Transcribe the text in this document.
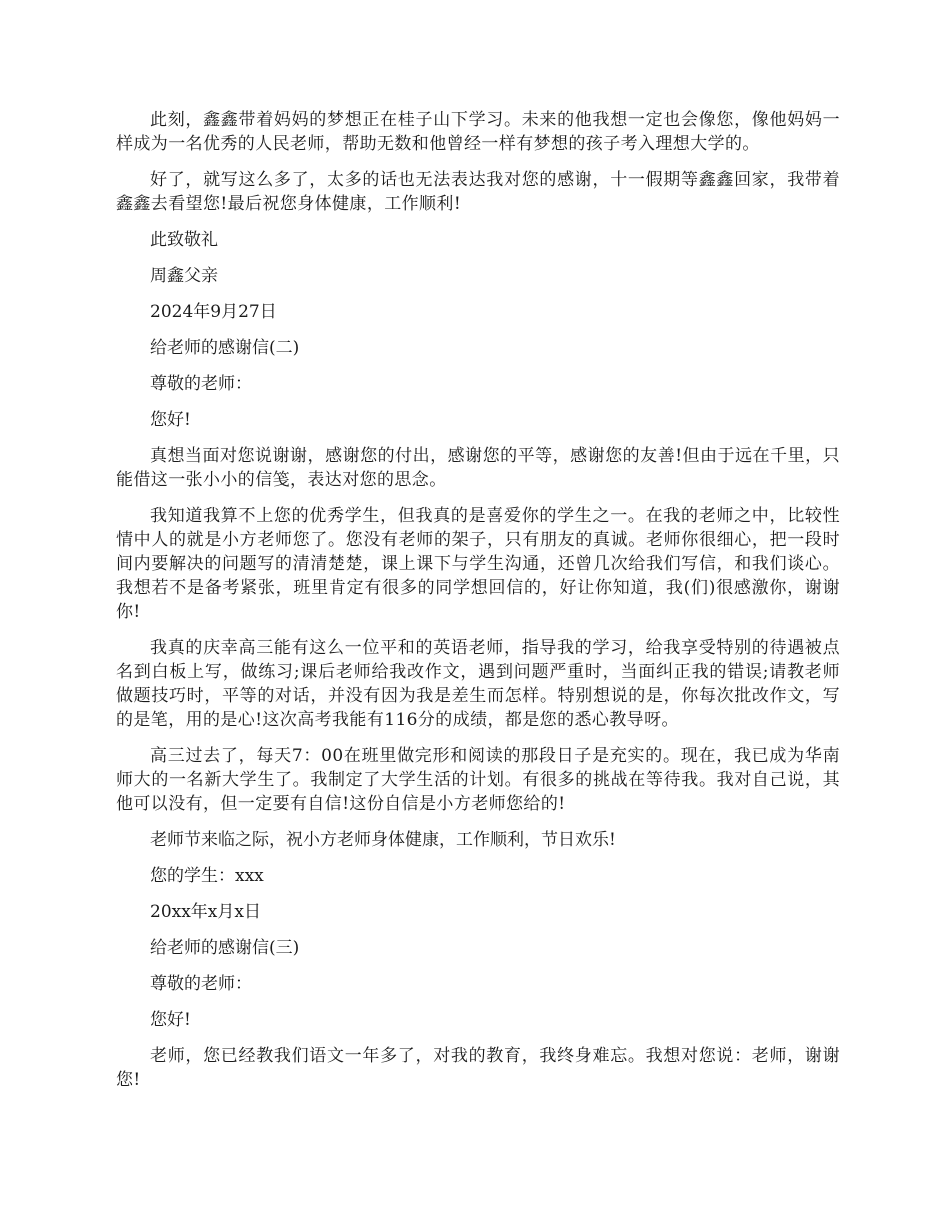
此刻，鑫鑫带着妈妈的梦想正在桂子山下学习。未来的他我想一定也会像您，像他妈妈一样成为一名优秀的人民老师，帮助无数和他曾经一样有梦想的孩子考入理想大学的。

好了，就写这么多了，太多的话也无法表达我对您的感谢，十一假期等鑫鑫回家，我带着鑫鑫去看望您!最后祝您身体健康，工作顺利!

此致敬礼

周鑫父亲

2024年9月27日

给老师的感谢信(二)

尊敬的老师：

您好!

真想当面对您说谢谢，感谢您的付出，感谢您的平等，感谢您的友善!但由于远在千里，只能借这一张小小的信笺，表达对您的思念。

我知道我算不上您的优秀学生，但我真的是喜爱你的学生之一。在我的老师之中，比较性情中人的就是小方老师您了。您没有老师的架子，只有朋友的真诚。老师你很细心，把一段时间内要解决的问题写的清清楚楚，课上课下与学生沟通，还曾几次给我们写信，和我们谈心。我想若不是备考紧张，班里肯定有很多的同学想回信的，好让你知道，我(们)很感激你，谢谢你!

我真的庆幸高三能有这么一位平和的英语老师，指导我的学习，给我享受特别的待遇被点名到白板上写，做练习;课后老师给我改作文，遇到问题严重时，当面纠正我的错误;请教老师做题技巧时，平等的对话，并没有因为我是差生而怎样。特别想说的是，你每次批改作文，写的是笔，用的是心!这次高考我能有116分的成绩，都是您的悉心教导呀。

高三过去了，每天7：00在班里做完形和阅读的那段日子是充实的。现在，我已成为华南师大的一名新大学生了。我制定了大学生活的计划。有很多的挑战在等待我。我对自己说，其他可以没有，但一定要有自信!这份自信是小方老师您给的!

老师节来临之际，祝小方老师身体健康，工作顺利，节日欢乐!

您的学生：xxx

20xx年x月x日

给老师的感谢信(三)

尊敬的老师：

您好!

老师，您已经教我们语文一年多了，对我的教育，我终身难忘。我想对您说：老师，谢谢您!
